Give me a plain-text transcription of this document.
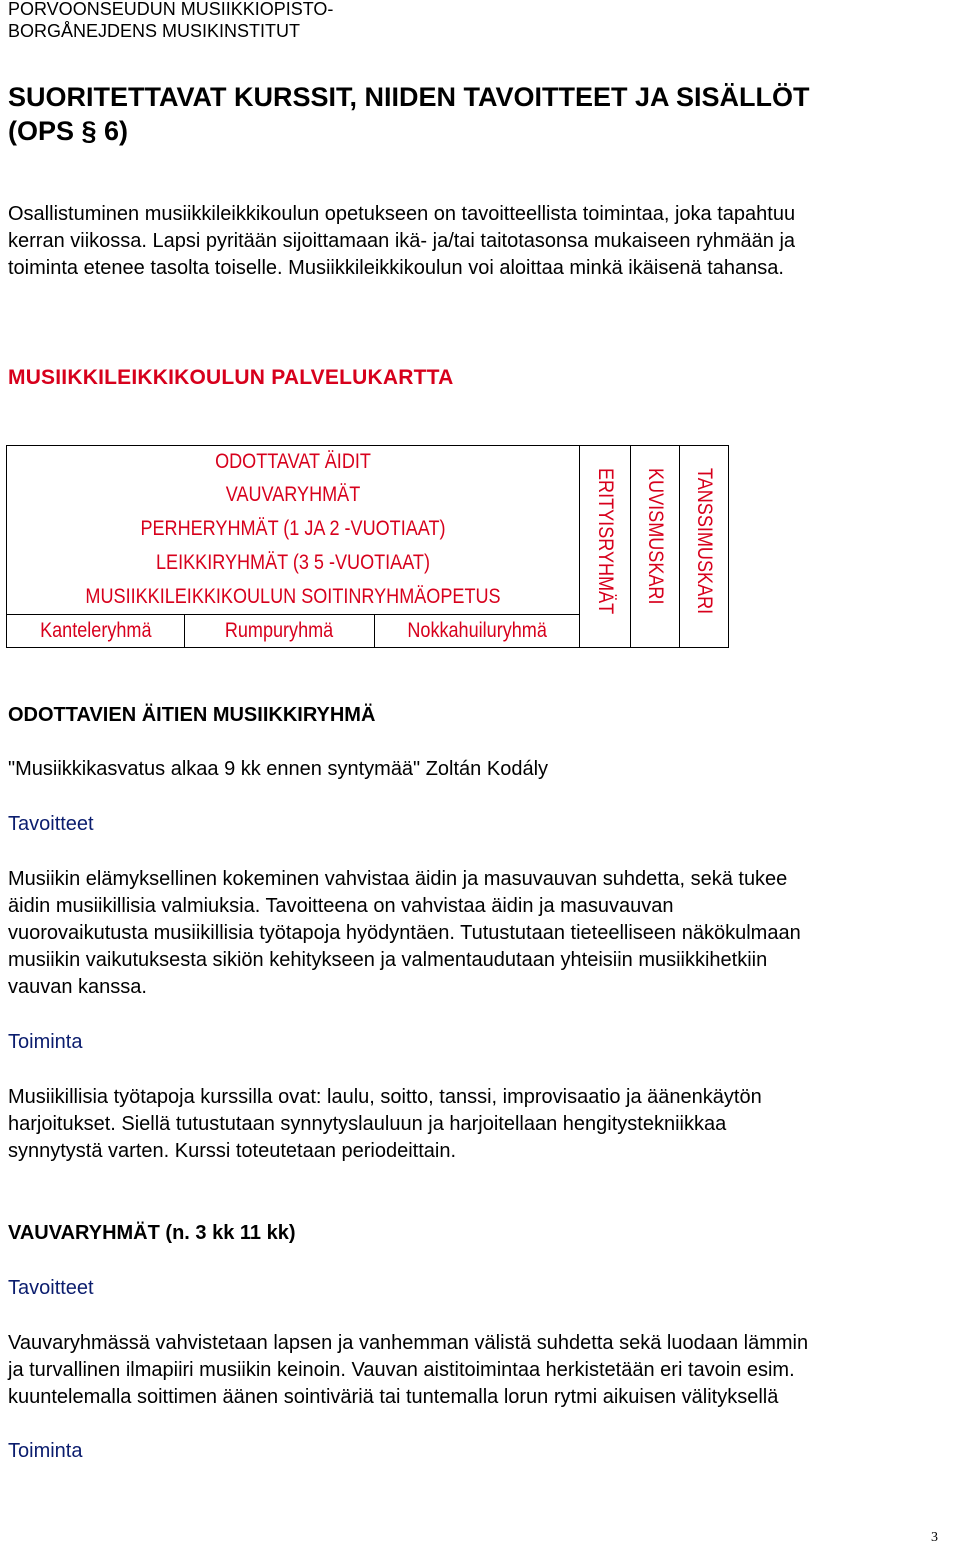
PORVOONSEUDUN MUSIIKKIOPISTO-
BORGÅNEJDENS MUSIKINSTITUT
SUORITETTAVAT KURSSIT, NIIDEN TAVOITTEET JA SISÄLLÖT
(OPS § 6)
Osallistuminen musiikkileikkikoulun opetukseen on tavoitteellista toimintaa, joka tapahtuu
kerran viikossa. Lapsi pyritään sijoittamaan ikä- ja/tai taitotasonsa mukaiseen ryhmään ja
toiminta etenee tasolta toiselle. Musiikkileikkikoulun voi aloittaa minkä ikäisenä tahansa.
MUSIIKKILEIKKIKOULUN PALVELUKARTTA
ODOTTAVAT ÄIDIT
VAUVARYHMÄT
PERHERYHMÄT (1 JA 2 -VUOTIAAT)
LEIKKIRYHMÄT (3 5 -VUOTIAAT)
MUSIIKKILEIKKIKOULUN SOITINRYHMÄOPETUS
Kanteleryhmä	Rumpuryhmä	Nokkahuiluryhmä
ERITYISRYHMÄT KUVISMUSKARI TANSSIMUSKARI
ODOTTAVIEN ÄITIEN MUSIIKKIRYHMÄ
"Musiikkikasvatus alkaa 9 kk ennen syntymää" Zoltán Kodály
Tavoitteet
Musiikin elämyksellinen kokeminen vahvistaa äidin ja masuvauvan suhdetta, sekä tukee
äidin musiikillisia valmiuksia. Tavoitteena on vahvistaa äidin ja masuvauvan
vuorovaikutusta musiikillisia työtapoja hyödyntäen. Tutustutaan tieteelliseen näkökulmaan
musiikin vaikutuksesta sikiön kehitykseen ja valmentaudutaan yhteisiin musiikkihetkiin
vauvan kanssa.
Toiminta
Musiikillisia työtapoja kurssilla ovat: laulu, soitto, tanssi, improvisaatio ja äänenkäytön
harjoitukset. Siellä tutustutaan synnytyslauluun ja harjoitellaan hengitystekniikkaa
synnytystä varten. Kurssi toteutetaan periodeittain.
VAUVARYHMÄT (n. 3 kk 11 kk)
Tavoitteet
Vauvaryhmässä vahvistetaan lapsen ja vanhemman välistä suhdetta sekä luodaan lämmin
ja turvallinen ilmapiiri musiikin keinoin. Vauvan aistitoimintaa herkistetään eri tavoin esim.
kuuntelemalla soittimen äänen sointiväriä tai tuntemalla lorun rytmi aikuisen välityksellä
Toiminta
3
